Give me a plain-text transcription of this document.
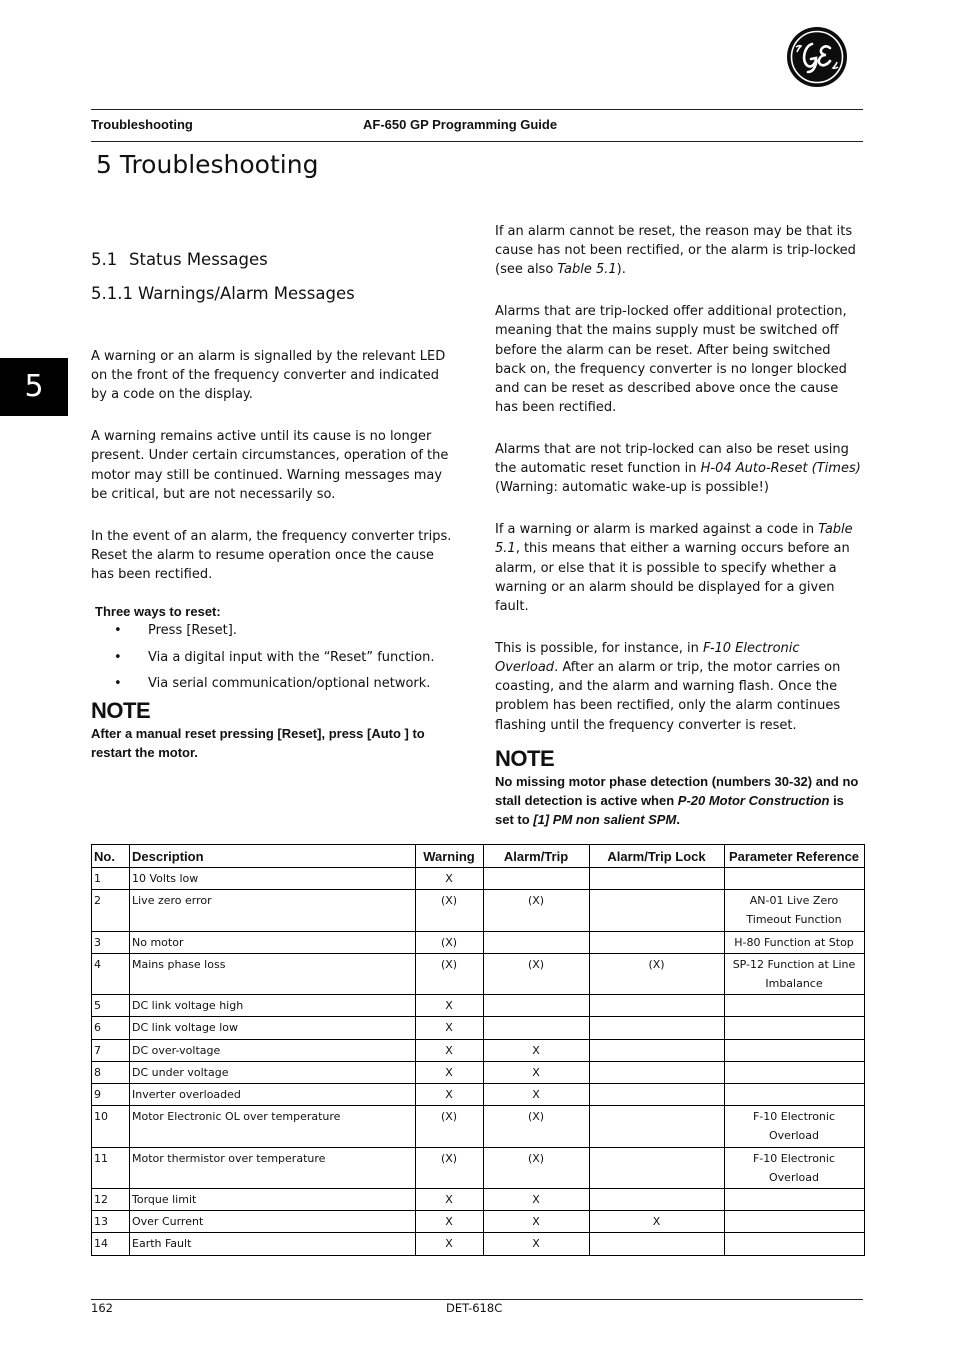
Troubleshooting	AF-650 GP Programming Guide
5 Troubleshooting
5
5.1 Status Messages
5.1.1 Warnings/Alarm Messages

A warning or an alarm is signalled by the relevant LED on the front of the frequency converter and indicated by a code on the display.

A warning remains active until its cause is no longer present. Under certain circumstances, operation of the motor may still be continued. Warning messages may be critical, but are not necessarily so.

In the event of an alarm, the frequency converter trips. Reset the alarm to resume operation once the cause has been rectified.

Three ways to reset:
• Press [Reset].
• Via a digital input with the “Reset” function.
• Via serial communication/optional network.
NOTE
After a manual reset pressing [Reset], press [Auto ] to restart the motor.

If an alarm cannot be reset, the reason may be that its cause has not been rectified, or the alarm is trip-locked (see also Table 5.1).

Alarms that are trip-locked offer additional protection, meaning that the mains supply must be switched off before the alarm can be reset. After being switched back on, the frequency converter is no longer blocked and can be reset as described above once the cause has been rectified.

Alarms that are not trip-locked can also be reset using the automatic reset function in H-04 Auto-Reset (Times) (Warning: automatic wake-up is possible!)

If a warning or alarm is marked against a code in Table 5.1, this means that either a warning occurs before an alarm, or else that it is possible to specify whether a warning or an alarm should be displayed for a given fault.

This is possible, for instance, in F-10 Electronic Overload. After an alarm or trip, the motor carries on coasting, and the alarm and warning flash. Once the problem has been rectified, only the alarm continues flashing until the frequency converter is reset.

NOTE
No missing motor phase detection (numbers 30-32) and no stall detection is active when P-20 Motor Construction is set to [1] PM non salient SPM.
No.	Description	Warning	Alarm/Trip	Alarm/Trip Lock	Parameter Reference
1	10 Volts low	X			
2	Live zero error	(X)	(X)		AN-01 Live Zero Timeout Function
3	No motor	(X)			H-80 Function at Stop
4	Mains phase loss	(X)	(X)	(X)	SP-12 Function at Line Imbalance
5	DC link voltage high	X			
6	DC link voltage low	X			
7	DC over-voltage	X	X		
8	DC under voltage	X	X		
9	Inverter overloaded	X	X		
10	Motor Electronic OL over temperature	(X)	(X)		F-10 Electronic Overload
11	Motor thermistor over temperature	(X)	(X)		F-10 Electronic Overload
12	Torque limit	X	X		
13	Over Current	X	X	X	
14	Earth Fault	X	X		
162	DET-618C
